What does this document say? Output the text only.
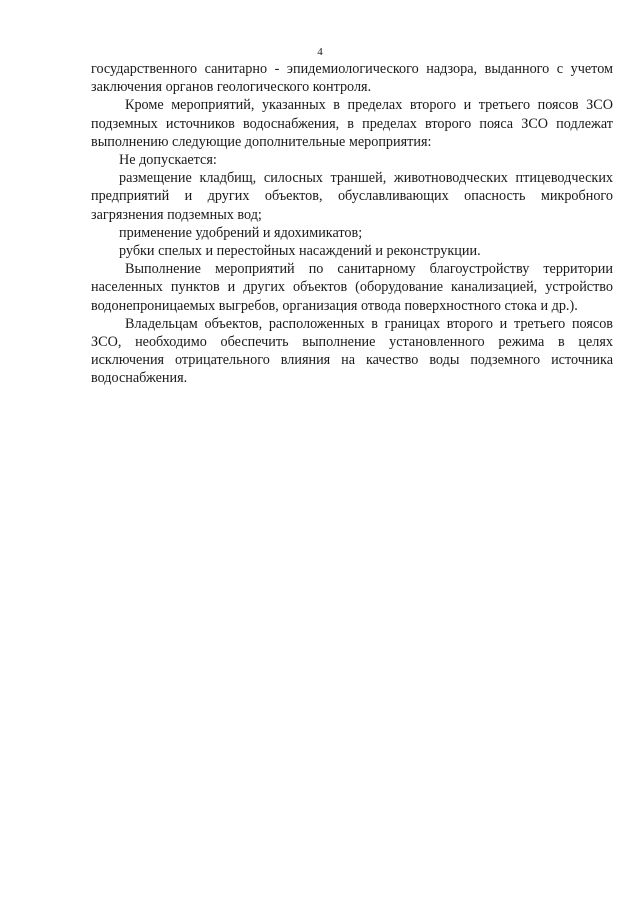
4

государственного санитарно - эпидемиологического надзора, выданного с учетом заключения органов геологического контроля.

Кроме мероприятий, указанных в пределах второго и третьего поясов ЗСО подземных источников водоснабжения, в пределах второго пояса ЗСО подлежат выполнению следующие дополнительные мероприятия:

Не допускается:

размещение кладбищ, силосных траншей, животноводческих птицеводческих предприятий и других объектов, обуславливающих опасность микробного загрязнения подземных вод;

применение удобрений и ядохимикатов;

рубки спелых и перестойных насаждений и реконструкции.

Выполнение мероприятий по санитарному благоустройству территории населенных пунктов и других объектов (оборудование канализацией, устройство водонепроницаемых выгребов, организация отвода поверхностного стока и др.).

Владельцам объектов, расположенных в границах второго и третьего поясов ЗСО, необходимо обеспечить выполнение установленного режима в целях исключения отрицательного влияния на качество воды подземного источника водоснабжения.
